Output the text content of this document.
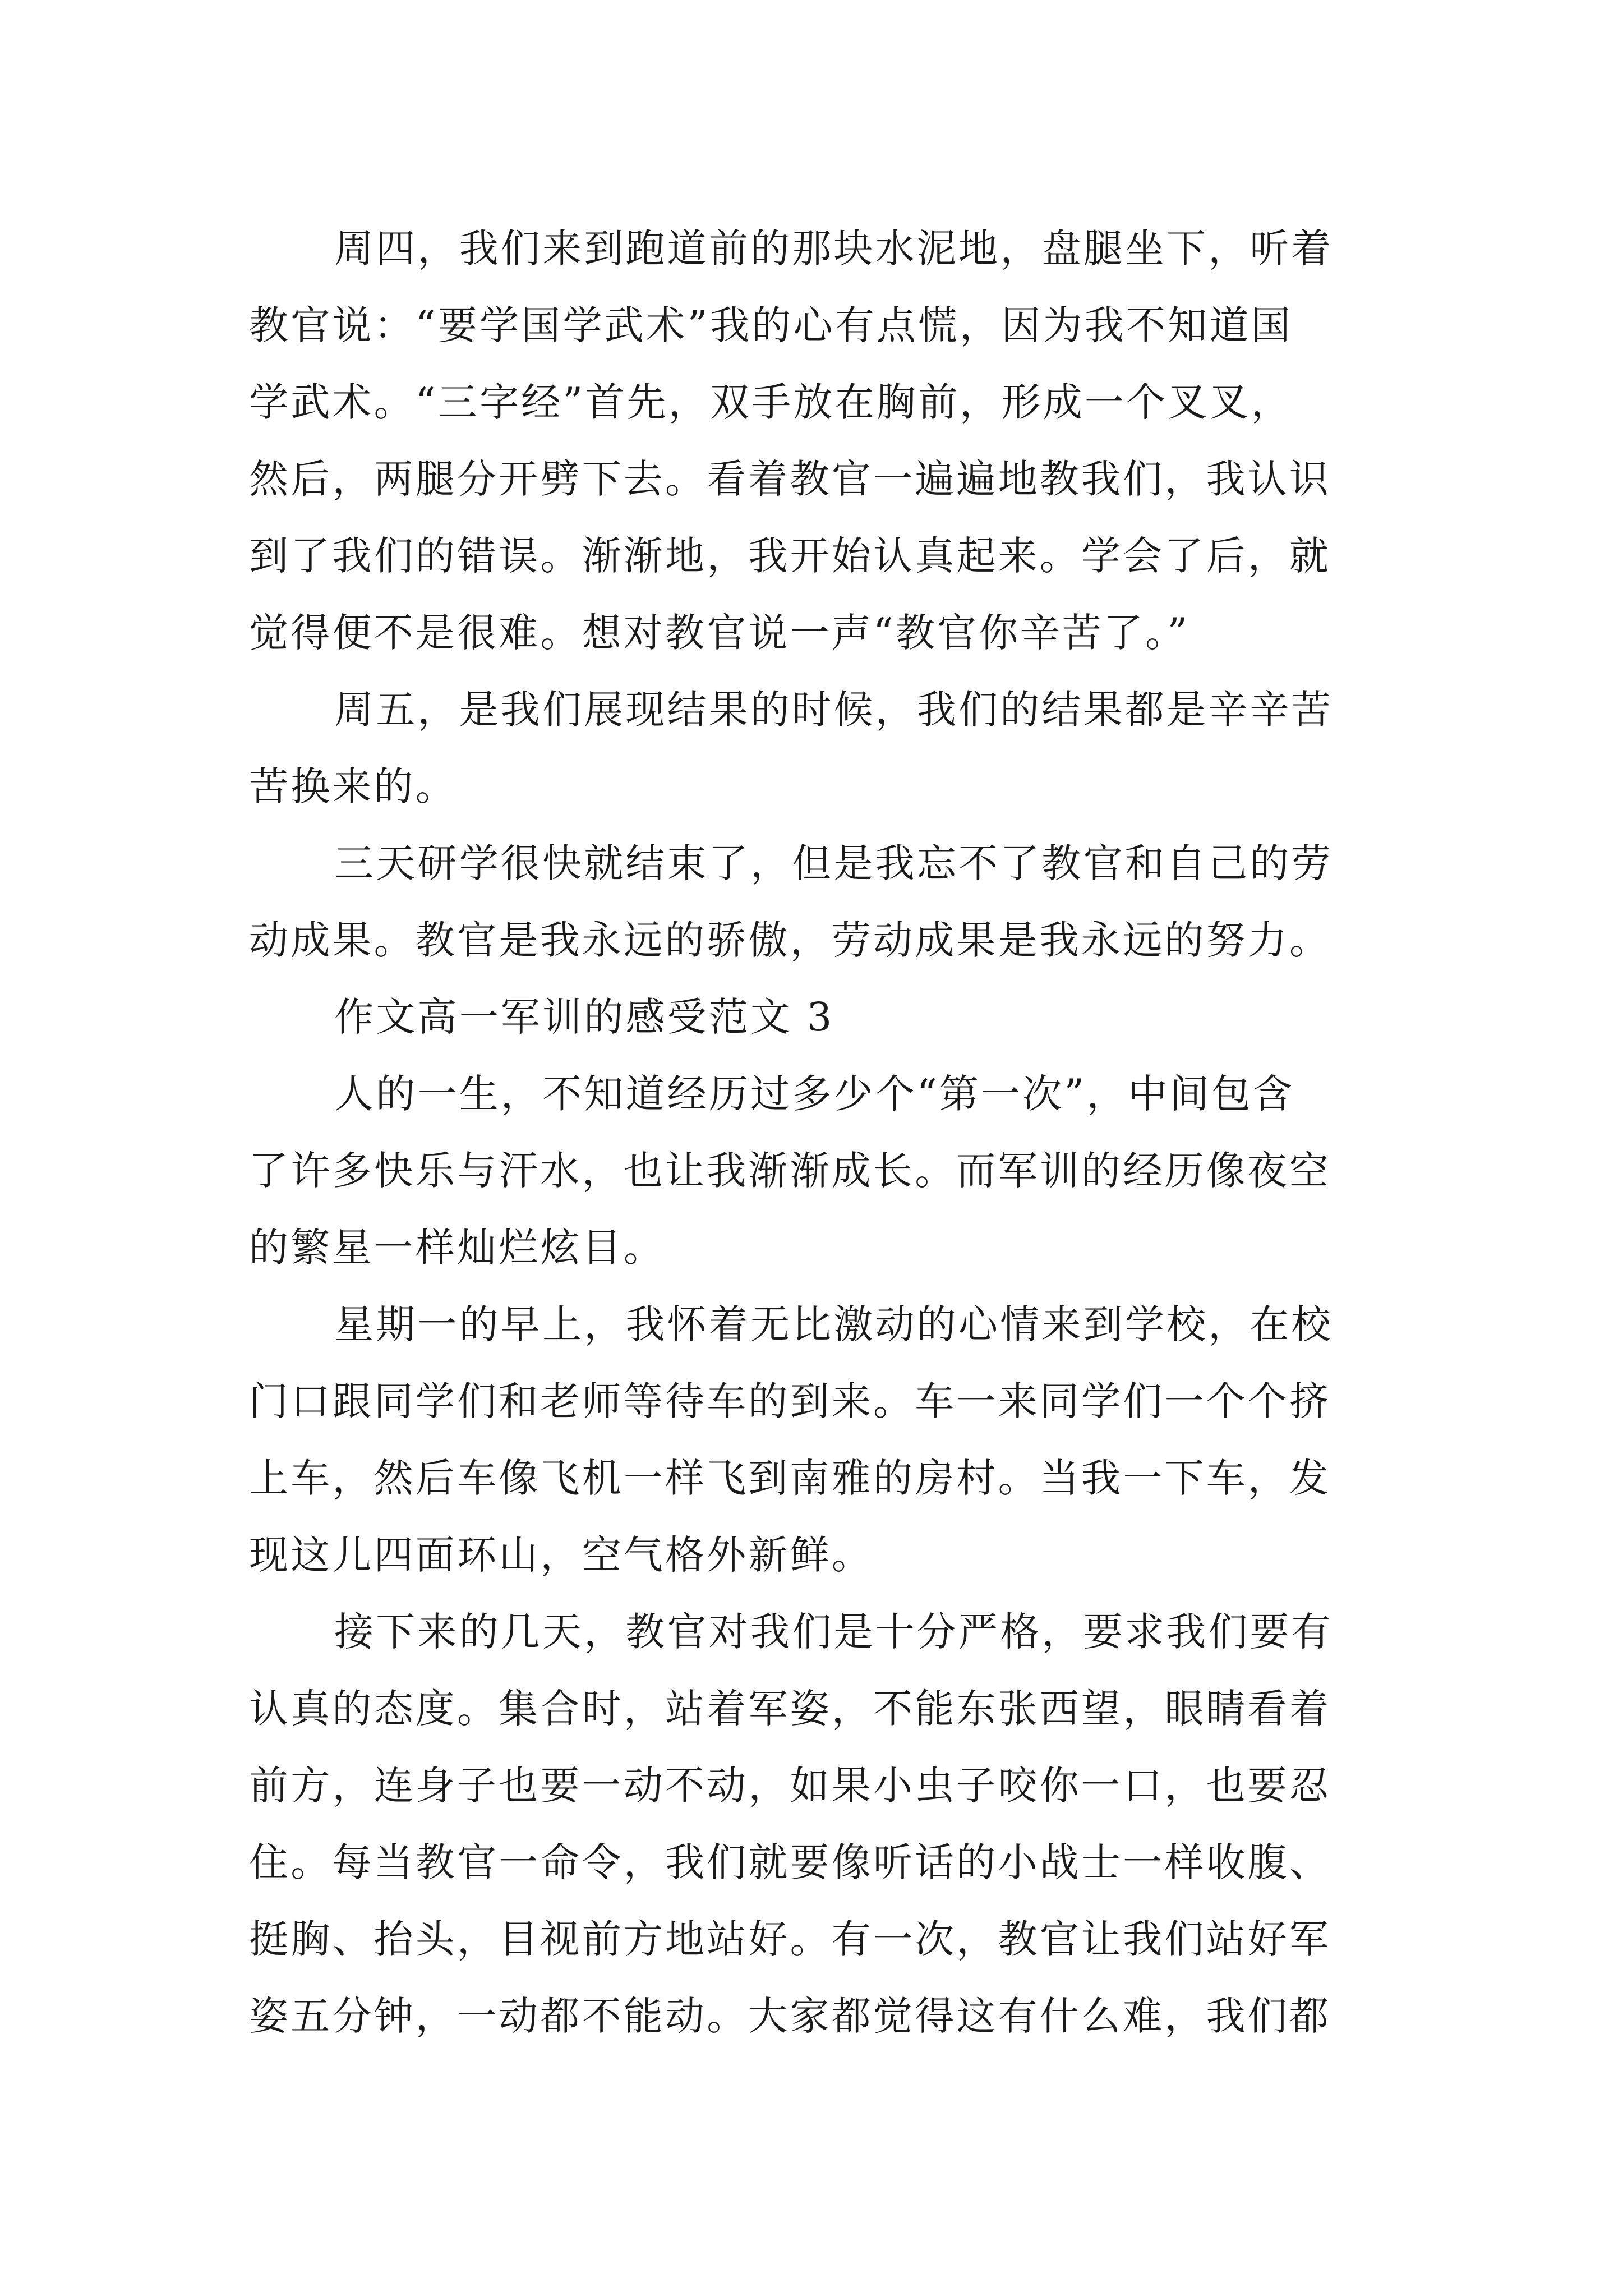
周四，我们来到跑道前的那块水泥地，盘腿坐下，听着
教官说：“要学国学武术”我的心有点慌，因为我不知道国
学武术。“三字经”首先，双手放在胸前，形成一个叉叉，
然后，两腿分开劈下去。看着教官一遍遍地教我们，我认识
到了我们的错误。渐渐地，我开始认真起来。学会了后，就
觉得便不是很难。想对教官说一声“教官你辛苦了。”
周五，是我们展现结果的时候，我们的结果都是辛辛苦
苦换来的。
三天研学很快就结束了，但是我忘不了教官和自己的劳
动成果。教官是我永远的骄傲，劳动成果是我永远的努力。
作文高一军训的感受范文 3
人的一生，不知道经历过多少个“第一次”，中间包含
了许多快乐与汗水，也让我渐渐成长。而军训的经历像夜空
的繁星一样灿烂炫目。
星期一的早上，我怀着无比激动的心情来到学校，在校
门口跟同学们和老师等待车的到来。车一来同学们一个个挤
上车，然后车像飞机一样飞到南雅的房村。当我一下车，发
现这儿四面环山，空气格外新鲜。
接下来的几天，教官对我们是十分严格，要求我们要有
认真的态度。集合时，站着军姿，不能东张西望，眼睛看着
前方，连身子也要一动不动，如果小虫子咬你一口，也要忍
住。每当教官一命令，我们就要像听话的小战士一样收腹、
挺胸、抬头，目视前方地站好。有一次，教官让我们站好军
姿五分钟，一动都不能动。大家都觉得这有什么难，我们都
